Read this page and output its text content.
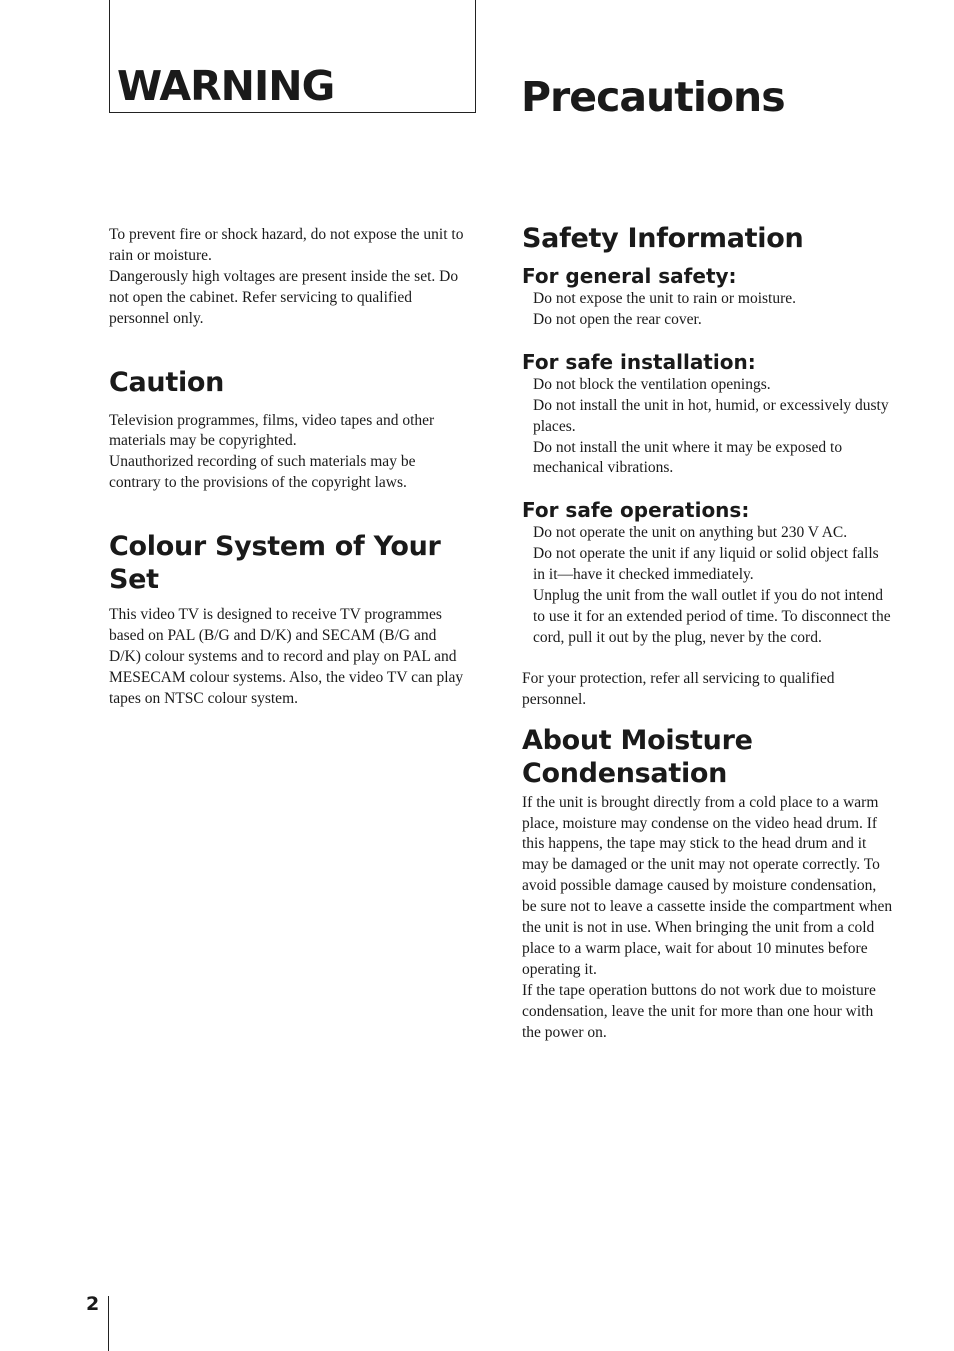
WARNING	Precautions

To prevent fire or shock hazard, do not expose the unit to rain or moisture.

Dangerously high voltages are present inside the set. Do not open the cabinet. Refer servicing to qualified personnel only.

Caution

Television programmes, films, video tapes and other materials may be copyrighted.

Unauthorized recording of such materials may be contrary to the provisions of the copyright laws.

Colour System of Your Set

This video TV is designed to receive TV programmes based on PAL (B/G and D/K) and SECAM (B/G and D/K) colour systems and to record and play on PAL and MESECAM colour systems. Also, the video TV can play tapes on NTSC colour system.

Safety Information
For general safety:

Do not expose the unit to rain or moisture.

Do not open the rear cover.

For safe installation:

Do not block the ventilation openings.

Do not install the unit in hot, humid, or excessively dusty places.

Do not install the unit where it may be exposed to mechanical vibrations.

For safe operations:

Do not operate the unit on anything but 230 V AC.

Do not operate the unit if any liquid or solid object falls in it—have it checked immediately.

Unplug the unit from the wall outlet if you do not intend to use it for an extended period of time. To disconnect the cord, pull it out by the plug, never by the cord.

For your protection, refer all servicing to qualified personnel.

About Moisture Condensation

If the unit is brought directly from a cold place to a warm place, moisture may condense on the video head drum. If this happens, the tape may stick to the head drum and it may be damaged or the unit may not operate correctly. To avoid possible damage caused by moisture condensation, be sure not to leave a cassette inside the compartment when the unit is not in use. When bringing the unit from a cold place to a warm place, wait for about 10 minutes before operating it.

If the tape operation buttons do not work due to moisture condensation, leave the unit for more than one hour with the power on.

2
